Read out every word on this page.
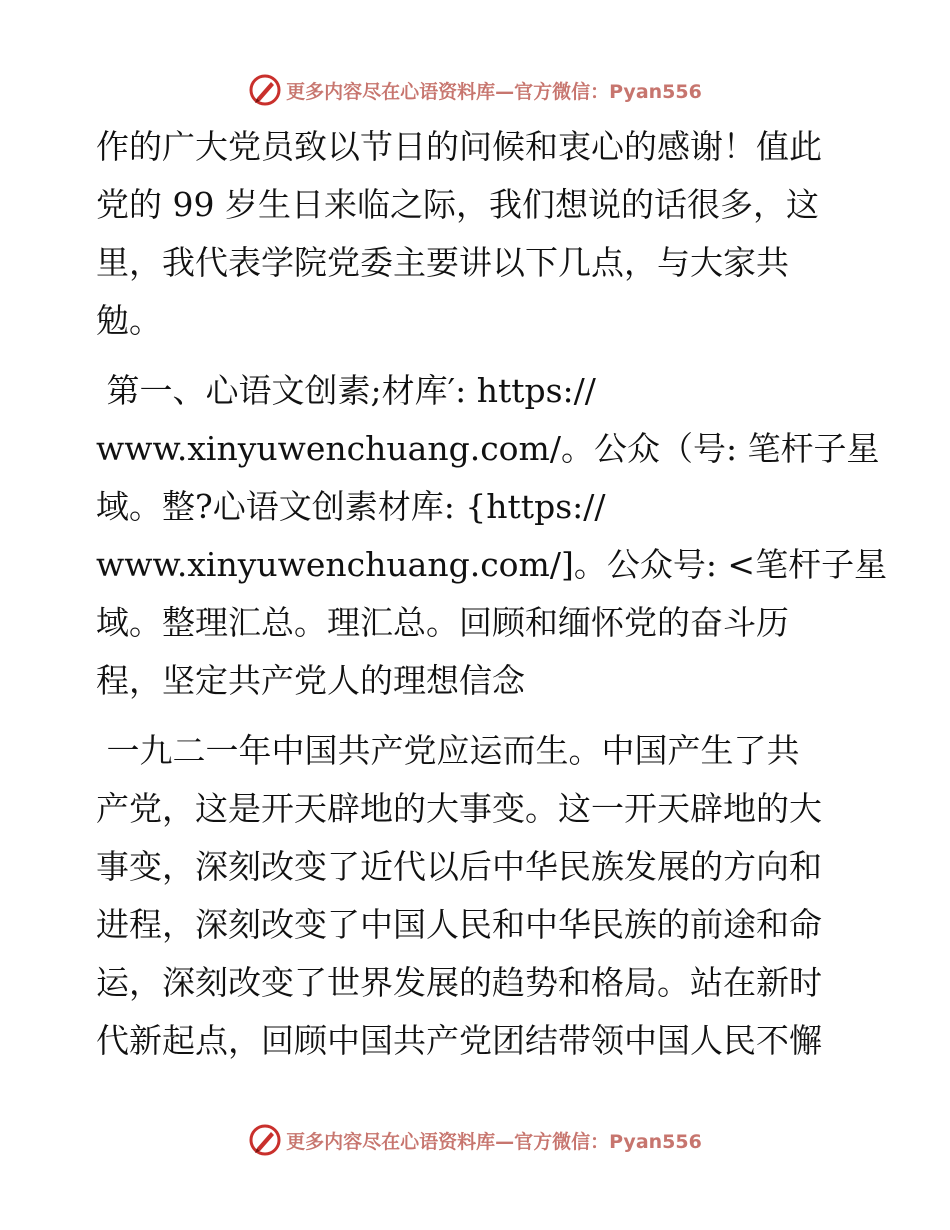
更多内容尽在心语资料库—官方微信：Pyan556
作的广大党员致以节日的问候和衷心的感谢！值此
党的 99 岁生日来临之际，我们想说的话很多，这
里，我代表学院党委主要讲以下几点，与大家共
勉。
第一、心语文创素;材库′: https://
www.xinyuwenchuang.com/。公众（号: 笔杆子星
域。整?心语文创素材库: {https://
www.xinyuwenchuang.com/]。公众号: <笔杆子星
域。整理汇总。理汇总。回顾和缅怀党的奋斗历
程，坚定共产党人的理想信念
一九二一年中国共产党应运而生。中国产生了共
产党，这是开天辟地的大事变。这一开天辟地的大
事变，深刻改变了近代以后中华民族发展的方向和
进程，深刻改变了中国人民和中华民族的前途和命
运，深刻改变了世界发展的趋势和格局。站在新时
代新起点，回顾中国共产党团结带领中国人民不懈
更多内容尽在心语资料库—官方微信：Pyan556
